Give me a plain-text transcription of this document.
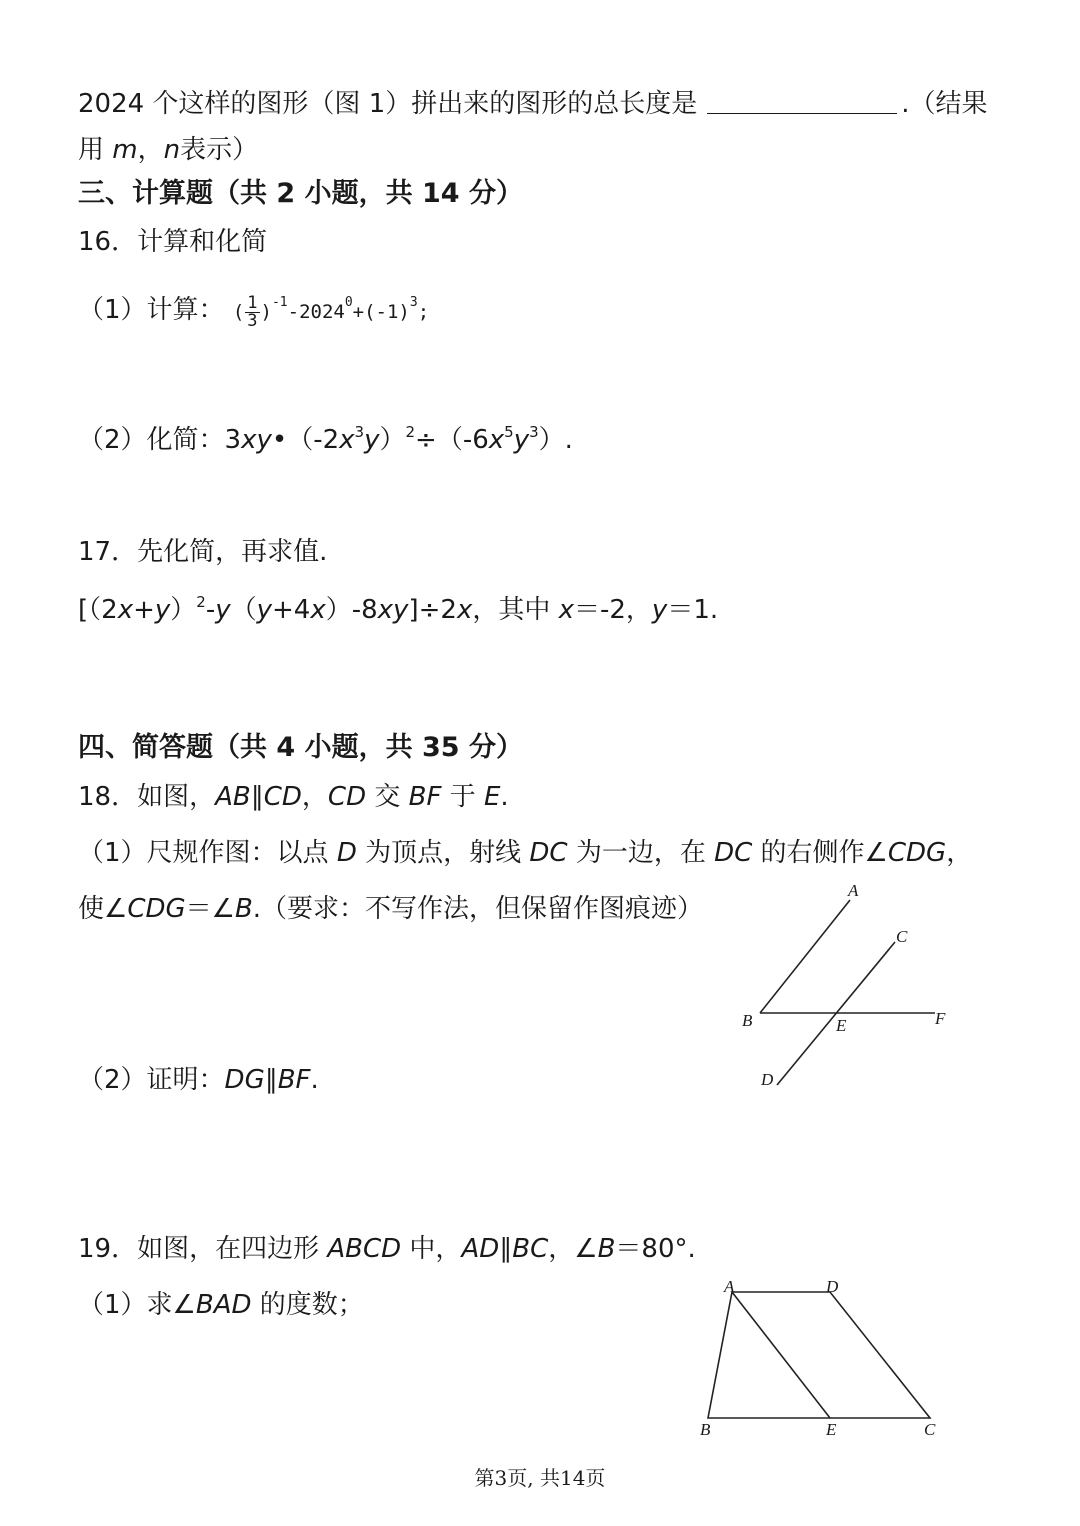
2024 个这样的图形（图 1）拼出来的图形的总长度是	.（结果
用 m，n表示）
三、计算题（共 2 小题，共 14 分）
16．计算和化简
（1）计算： ( $\frac{1}{3} )^{-1}-2024^0+(-1)^3$;
（2）化简：$3xy•(-2x^3y)^2\div(-6x^5y^3)$.
17．先化简，再求值.
$[(2x+y)^2-y(y+4x)-8xy]\div 2x$，其中 x＝-2，y＝1.
四、简答题（共 4 小题，共 35 分）
18．如图，AB∥CD，CD 交 BF 于 E.
（1）尺规作图：以点 D 为顶点，射线 DC 为一边，在 DC 的右侧作∠CDG，
使∠CDG＝∠B.（要求：不写作法，但保留作图痕迹）
（2）证明：DG∥BF.
A
C
B	E	F
D
19．如图，在四边形 ABCD 中，AD∥BC，∠B＝80°.
（1）求∠BAD 的度数；
A	D
B	E	C
第3页, 共14页
